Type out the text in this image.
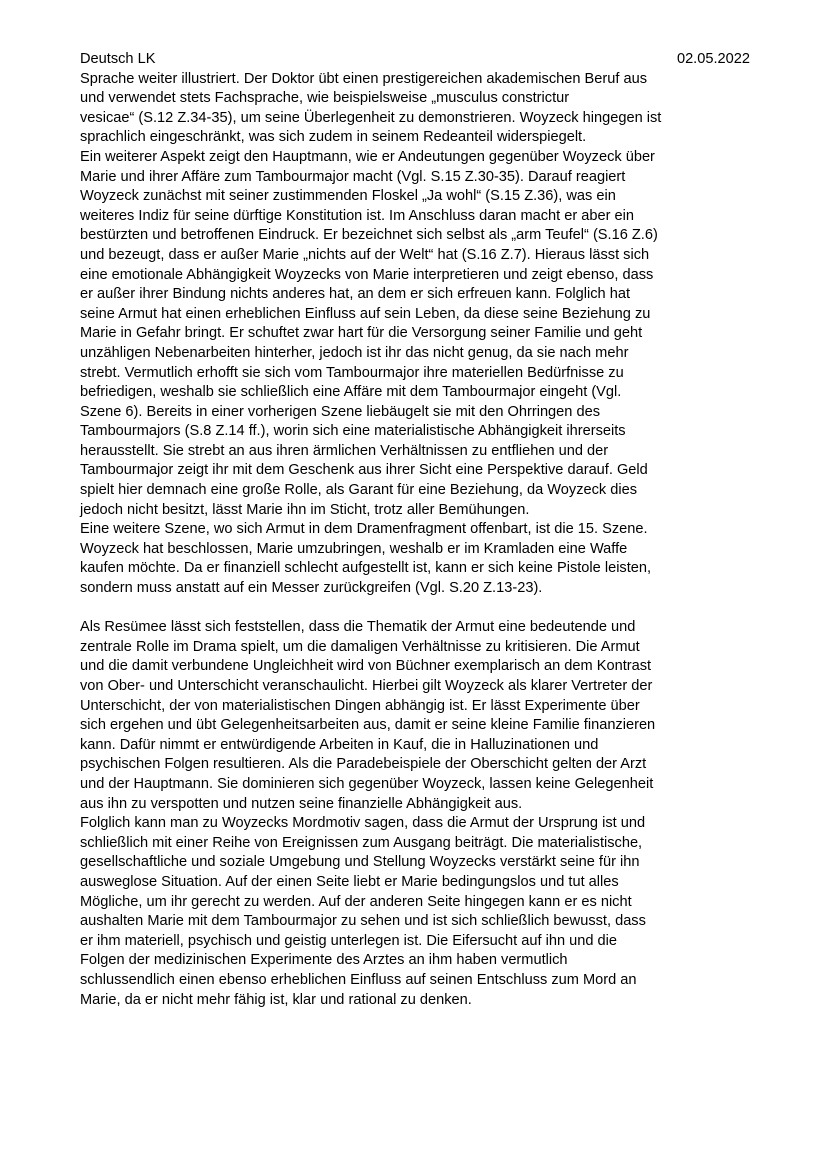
Deutsch LK	02.05.2022
Sprache weiter illustriert. Der Doktor übt einen prestigereichen akademischen Beruf aus
und verwendet stets Fachsprache, wie beispielsweise „musculus constrictur
vesicae“ (S.12 Z.34-35), um seine Überlegenheit zu demonstrieren. Woyzeck hingegen ist
sprachlich eingeschränkt, was sich zudem in seinem Redeanteil widerspiegelt.
Ein weiterer Aspekt zeigt den Hauptmann, wie er Andeutungen gegenüber Woyzeck über
Marie und ihrer Affäre zum Tambourmajor macht (Vgl. S.15 Z.30-35). Darauf reagiert
Woyzeck zunächst mit seiner zustimmenden Floskel „Ja wohl“ (S.15 Z.36), was ein
weiteres Indiz für seine dürftige Konstitution ist. Im Anschluss daran macht er aber ein
bestürzten und betroffenen Eindruck. Er bezeichnet sich selbst als „arm Teufel“ (S.16 Z.6)
und bezeugt, dass er außer Marie „nichts auf der Welt“ hat (S.16 Z.7). Hieraus lässt sich
eine emotionale Abhängigkeit Woyzecks von Marie interpretieren und zeigt ebenso, dass
er außer ihrer Bindung nichts anderes hat, an dem er sich erfreuen kann. Folglich hat
seine Armut hat einen erheblichen Einfluss auf sein Leben, da diese seine Beziehung zu
Marie in Gefahr bringt. Er schuftet zwar hart für die Versorgung seiner Familie und geht
unzähligen Nebenarbeiten hinterher, jedoch ist ihr das nicht genug, da sie nach mehr
strebt. Vermutlich erhofft sie sich vom Tambourmajor ihre materiellen Bedürfnisse zu
befriedigen, weshalb sie schließlich eine Affäre mit dem Tambourmajor eingeht (Vgl.
Szene 6). Bereits in einer vorherigen Szene liebäugelt sie mit den Ohrringen des
Tambourmajors (S.8 Z.14 ff.), worin sich eine materialistische Abhängigkeit ihrerseits
herausstellt. Sie strebt an aus ihren ärmlichen Verhältnissen zu entfliehen und der
Tambourmajor zeigt ihr mit dem Geschenk aus ihrer Sicht eine Perspektive darauf. Geld
spielt hier demnach eine große Rolle, als Garant für eine Beziehung, da Woyzeck dies
jedoch nicht besitzt, lässt Marie ihn im Sticht, trotz aller Bemühungen.
Eine weitere Szene, wo sich Armut in dem Dramenfragment offenbart, ist die 15. Szene.
Woyzeck hat beschlossen, Marie umzubringen, weshalb er im Kramladen eine Waffe
kaufen möchte. Da er finanziell schlecht aufgestellt ist, kann er sich keine Pistole leisten,
sondern muss anstatt auf ein Messer zurückgreifen (Vgl. S.20 Z.13-23).
Als Resümee lässt sich feststellen, dass die Thematik der Armut eine bedeutende und
zentrale Rolle im Drama spielt, um die damaligen Verhältnisse zu kritisieren. Die Armut
und die damit verbundene Ungleichheit wird von Büchner exemplarisch an dem Kontrast
von Ober- und Unterschicht veranschaulicht. Hierbei gilt Woyzeck als klarer Vertreter der
Unterschicht, der von materialistischen Dingen abhängig ist. Er lässt Experimente über
sich ergehen und übt Gelegenheitsarbeiten aus, damit er seine kleine Familie finanzieren
kann. Dafür nimmt er entwürdigende Arbeiten in Kauf, die in Halluzinationen und
psychischen Folgen resultieren. Als die Paradebeispiele der Oberschicht gelten der Arzt
und der Hauptmann. Sie dominieren sich gegenüber Woyzeck, lassen keine Gelegenheit
aus ihn zu verspotten und nutzen seine finanzielle Abhängigkeit aus.
Folglich kann man zu Woyzecks Mordmotiv sagen, dass die Armut der Ursprung ist und
schließlich mit einer Reihe von Ereignissen zum Ausgang beiträgt. Die materialistische,
gesellschaftliche und soziale Umgebung und Stellung Woyzecks verstärkt seine für ihn
ausweglose Situation. Auf der einen Seite liebt er Marie bedingungslos und tut alles
Mögliche, um ihr gerecht zu werden. Auf der anderen Seite hingegen kann er es nicht
aushalten Marie mit dem Tambourmajor zu sehen und ist sich schließlich bewusst, dass
er ihm materiell, psychisch und geistig unterlegen ist. Die Eifersucht auf ihn und die
Folgen der medizinischen Experimente des Arztes an ihm haben vermutlich
schlussendlich einen ebenso erheblichen Einfluss auf seinen Entschluss zum Mord an
Marie, da er nicht mehr fähig ist, klar und rational zu denken.
